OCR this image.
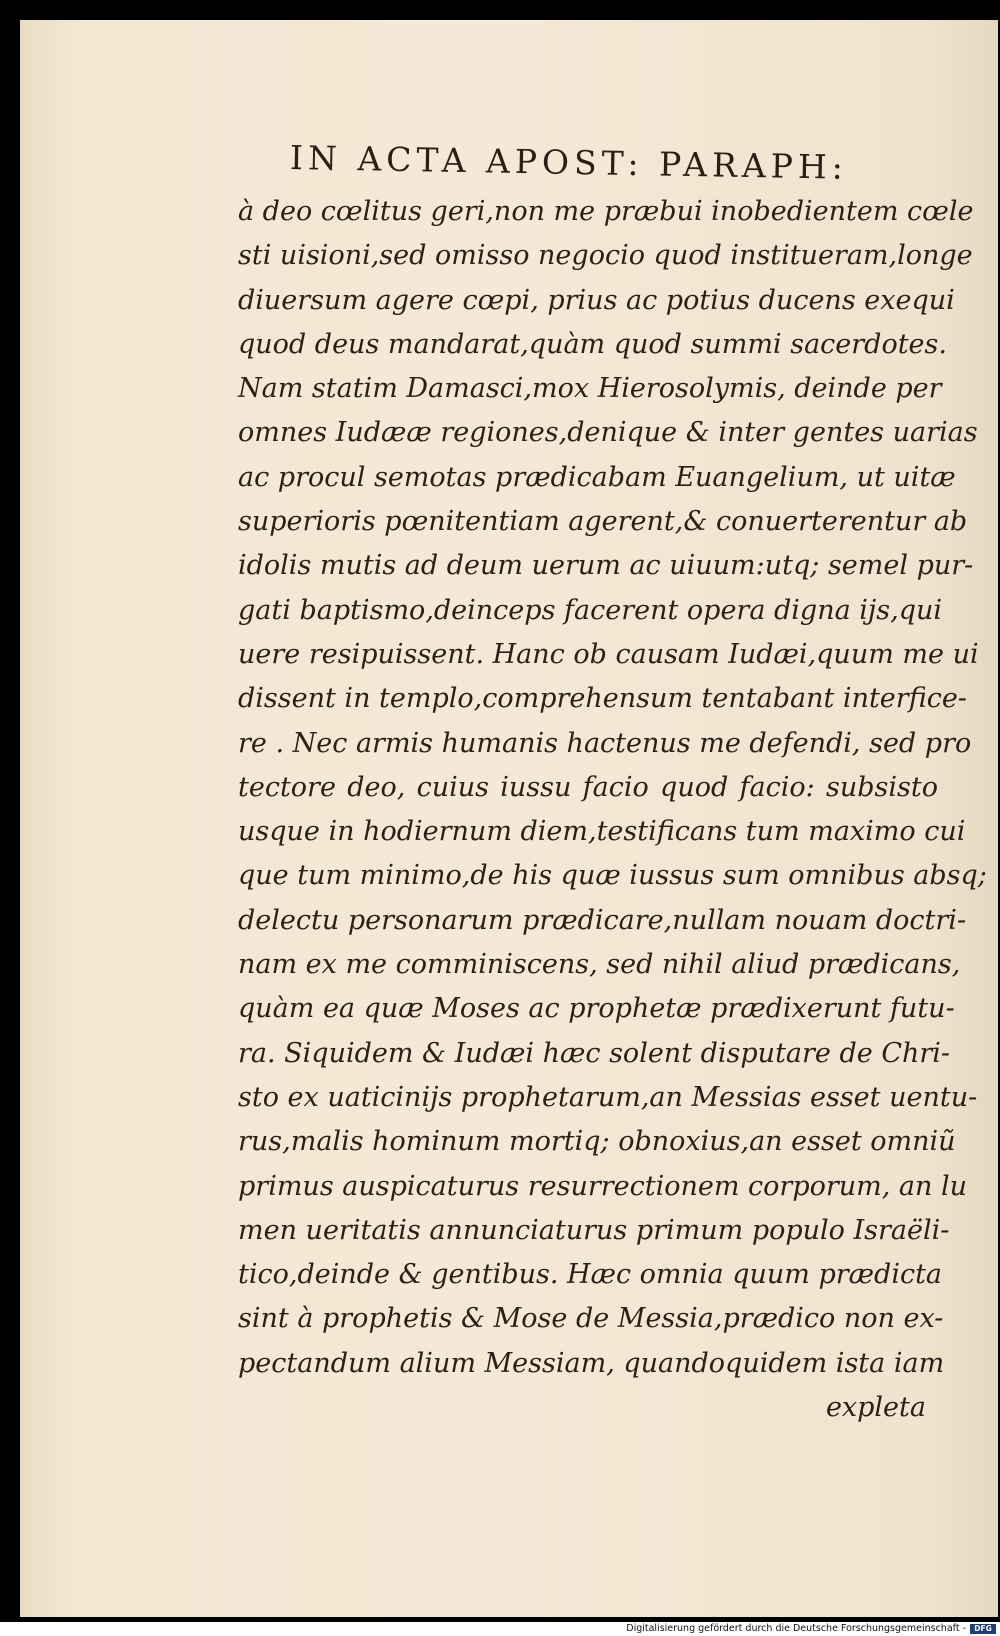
IN ACTA APOST: PARAPH:
à deo cœlitus geri,non me præbui inobedientem cœle
sti uisioni,sed omisso negocio quod institueram,longe
diuersum agere cœpi, prius ac potius ducens exequi
quod deus mandarat,quàm quod summi sacerdotes.
Nam statim Damasci,mox Hierosolymis, deinde per
omnes Iudææ regiones,denique & inter gentes uarias
ac procul semotas prædicabam Euangelium, ut uitæ
superioris pœnitentiam agerent,& conuerterentur ab
idolis mutis ad deum uerum ac uiuum:utq; semel pur-
gati baptismo,deinceps facerent opera digna ijs,qui
uere resipuissent. Hanc ob causam Iudæi,quum me ui
dissent in templo,comprehensum tentabant interfice-
re . Nec armis humanis hactenus me defendi, sed pro
tectore deo, cuius iussu facio quod facio: subsisto
usque in hodiernum diem,testificans tum maximo cui
que tum minimo,de his quæ iussus sum omnibus absq;
delectu personarum prædicare,nullam nouam doctri-
nam ex me comminiscens, sed nihil aliud prædicans,
quàm ea quæ Moses ac prophetæ prædixerunt futu-
ra. Siquidem & Iudæi hæc solent disputare de Chri-
sto ex uaticinijs prophetarum,an Messias esset uentu-
rus,malis hominum mortiq; obnoxius,an esset omniũ
primus auspicaturus resurrectionem corporum, an lu
men ueritatis annunciaturus primum populo Israëli-
tico,deinde & gentibus. Hæc omnia quum prædicta
sint à prophetis & Mose de Messia,prædico non ex-
pectandum alium Messiam, quandoquidem ista iam
expleta
Digitalisierung gefördert durch die Deutsche Forschungsgemeinschaft -	DFG
